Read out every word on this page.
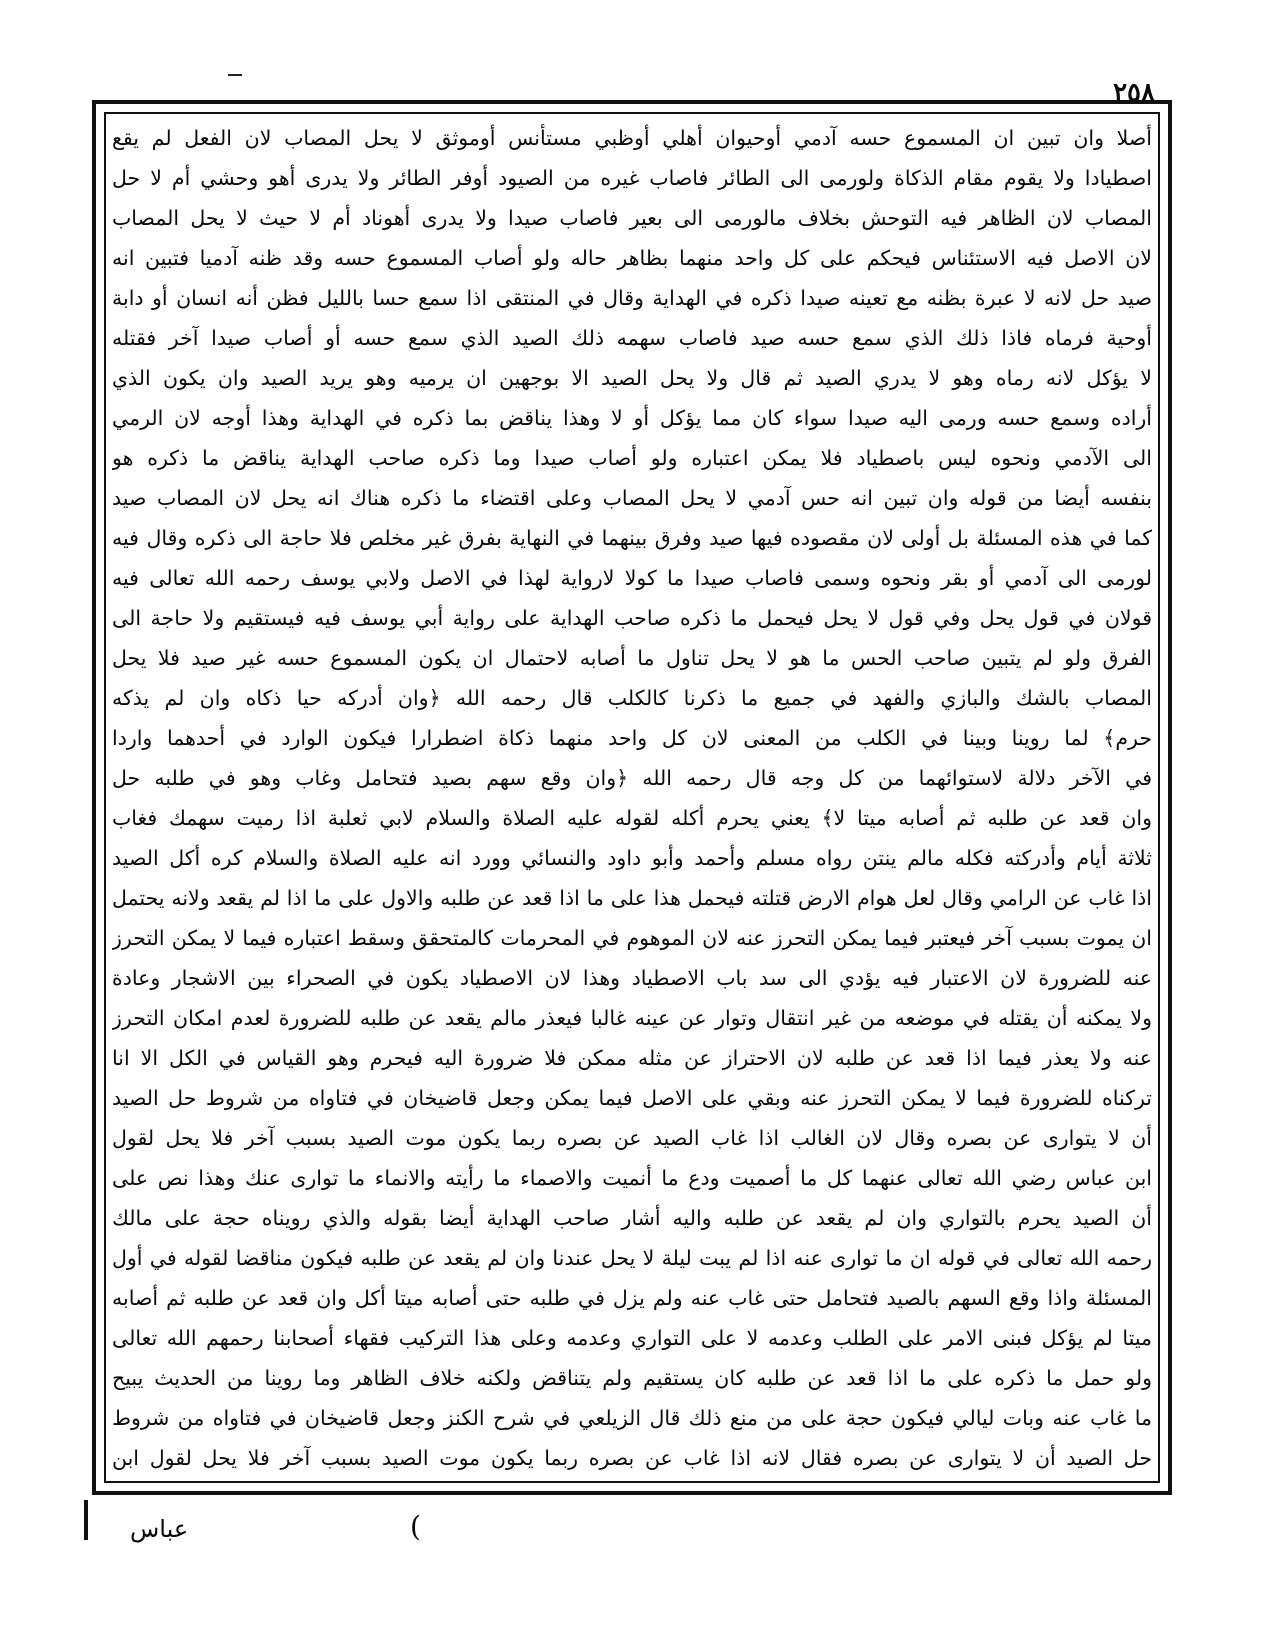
٢٥٨
أصلا وان تبين ان المسموع حسه آدمي أوحيوان أهلي أوظبي مستأنس أوموثق لا يحل المصاب لان الفعل لم يقع
اصطيادا ولا يقوم مقام الذكاة ولورمى الى الطائر فاصاب غيره من الصيود أوفر الطائر ولا يدرى أهو وحشي أم لا حل
المصاب لان الظاهر فيه التوحش بخلاف مالورمى الى بعير فاصاب صيدا ولا يدرى أهوناد أم لا حيث لا يحل المصاب
لان الاصل فيه الاستئناس فيحكم على كل واحد منهما بظاهر حاله ولو أصاب المسموع حسه وقد ظنه آدميا فتبين انه
صيد حل لانه لا عبرة بظنه مع تعينه صيدا ذكره في الهداية وقال في المنتقى اذا سمع حسا بالليل فظن أنه انسان أو دابة
أوحية فرماه فاذا ذلك الذي سمع حسه صيد فاصاب سهمه ذلك الصيد الذي سمع حسه أو أصاب صيدا آخر فقتله
لا يؤكل لانه رماه وهو لا يدري الصيد ثم قال ولا يحل الصيد الا بوجهين ان يرميه وهو يريد الصيد وان يكون الذي
أراده وسمع حسه ورمى اليه صيدا سواء كان مما يؤكل أو لا وهذا يناقض بما ذكره في الهداية وهذا أوجه لان الرمي
الى الآدمي ونحوه ليس باصطياد فلا يمكن اعتباره ولو أصاب صيدا وما ذكره صاحب الهداية يناقض ما ذكره هو
بنفسه أيضا من قوله وان تبين انه حس آدمي لا يحل المصاب وعلى اقتضاء ما ذكره هناك انه يحل لان المصاب صيد
كما في هذه المسئلة بل أولى لان مقصوده فيها صيد وفرق بينهما في النهاية بفرق غير مخلص فلا حاجة الى ذكره وقال فيه
لورمى الى آدمي أو بقر ونحوه وسمى فاصاب صيدا ما كولا لارواية لهذا في الاصل ولابي يوسف رحمه الله تعالى فيه
قولان في قول يحل وفي قول لا يحل فيحمل ما ذكره صاحب الهداية على رواية أبي يوسف فيه فيستقيم ولا حاجة الى
الفرق ولو لم يتبين صاحب الحس ما هو لا يحل تناول ما أصابه لاحتمال ان يكون المسموع حسه غير صيد فلا يحل
المصاب بالشك والبازي والفهد في جميع ما ذكرنا كالكلب قال رحمه الله ﴿وان أدركه حيا ذكاه وان لم يذكه
حرم﴾ لما روينا وبينا في الكلب من المعنى لان كل واحد منهما ذكاة اضطرارا فيكون الوارد في أحدهما واردا
في الآخر دلالة لاستوائهما من كل وجه قال رحمه الله ﴿وان وقع سهم بصيد فتحامل وغاب وهو في طلبه حل
وان قعد عن طلبه ثم أصابه ميتا لا﴾ يعني يحرم أكله لقوله عليه الصلاة والسلام لابي ثعلبة اذا رميت سهمك فغاب
ثلاثة أيام وأدركته فكله مالم ينتن رواه مسلم وأحمد وأبو داود والنسائي وورد انه عليه الصلاة والسلام كره أكل الصيد
اذا غاب عن الرامي وقال لعل هوام الارض قتلته فيحمل هذا على ما اذا قعد عن طلبه والاول على ما اذا لم يقعد ولانه يحتمل
ان يموت بسبب آخر فيعتبر فيما يمكن التحرز عنه لان الموهوم في المحرمات كالمتحقق وسقط اعتباره فيما لا يمكن التحرز
عنه للضرورة لان الاعتبار فيه يؤدي الى سد باب الاصطياد وهذا لان الاصطياد يكون في الصحراء بين الاشجار وعادة
ولا يمكنه أن يقتله في موضعه من غير انتقال وتوار عن عينه غالبا فيعذر مالم يقعد عن طلبه للضرورة لعدم امكان التحرز
عنه ولا يعذر فيما اذا قعد عن طلبه لان الاحتراز عن مثله ممكن فلا ضرورة اليه فيحرم وهو القياس في الكل الا انا
تركناه للضرورة فيما لا يمكن التحرز عنه وبقي على الاصل فيما يمكن وجعل قاضيخان في فتاواه من شروط حل الصيد
أن لا يتوارى عن بصره وقال لان الغالب اذا غاب الصيد عن بصره ربما يكون موت الصيد بسبب آخر فلا يحل لقول
ابن عباس رضي الله تعالى عنهما كل ما أصميت ودع ما أنميت والاصماء ما رأيته والانماء ما توارى عنك وهذا نص على
أن الصيد يحرم بالتواري وان لم يقعد عن طلبه واليه أشار صاحب الهداية أيضا بقوله والذي رويناه حجة على مالك
رحمه الله تعالى في قوله ان ما توارى عنه اذا لم يبت ليلة لا يحل عندنا وان لم يقعد عن طلبه فيكون مناقضا لقوله في أول
المسئلة واذا وقع السهم بالصيد فتحامل حتى غاب عنه ولم يزل في طلبه حتى أصابه ميتا أكل وان قعد عن طلبه ثم أصابه
ميتا لم يؤكل فبنى الامر على الطلب وعدمه لا على التواري وعدمه وعلى هذا التركيب فقهاء أصحابنا رحمهم الله تعالى
ولو حمل ما ذكره على ما اذا قعد عن طلبه كان يستقيم ولم يتناقض ولكنه خلاف الظاهر وما روينا من الحديث يبيح
ما غاب عنه وبات ليالي فيكون حجة على من منع ذلك قال الزيلعي في شرح الكنز وجعل قاضيخان في فتاواه من شروط
حل الصيد أن لا يتوارى عن بصره فقال لانه اذا غاب عن بصره ربما يكون موت الصيد بسبب آخر فلا يحل لقول ابن
عباس	(
